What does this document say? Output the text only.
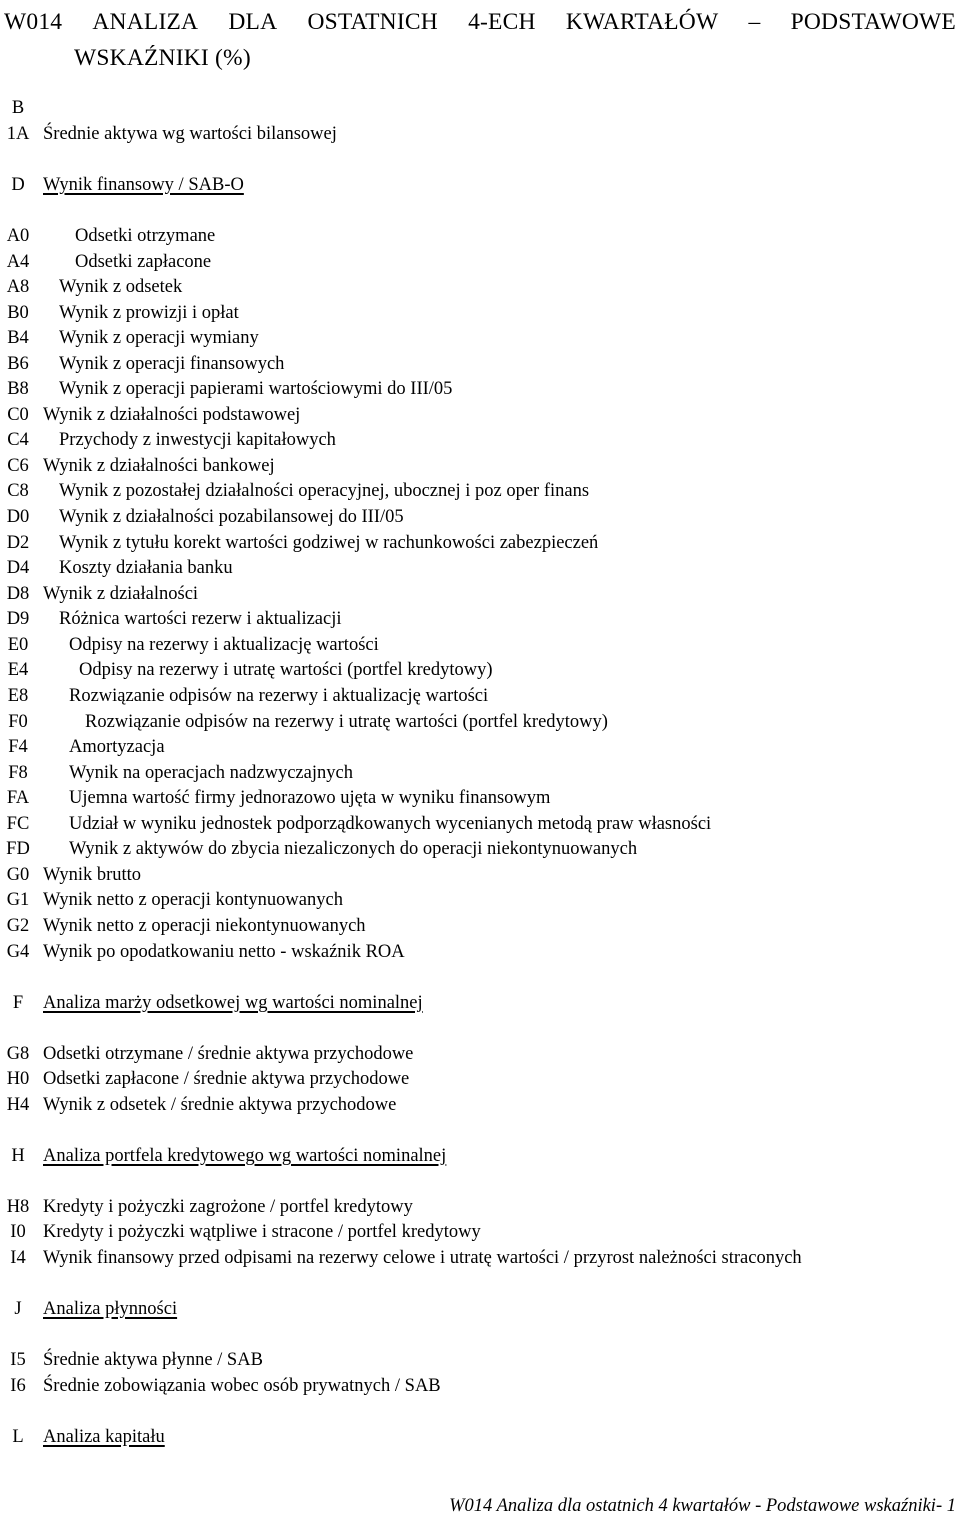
W014 ANALIZA DLA OSTATNICH 4-ECH KWARTAŁÓW – PODSTAWOWE
WSKAŹNIKI (%)
B
1A Średnie aktywa wg wartości bilansowej
D Wynik finansowy / SAB-O
A0	Odsetki otrzymane
A4	Odsetki zapłacone
A8	Wynik z odsetek
B0	Wynik z prowizji i opłat
B4	Wynik z operacji wymiany
B6	Wynik z operacji finansowych
B8	Wynik z operacji papierami wartościowymi do III/05
C0 Wynik z działalności podstawowej
C4	Przychody z inwestycji kapitałowych
C6 Wynik z działalności bankowej
C8	Wynik z pozostałej działalności operacyjnej, ubocznej i poz oper finans
D0	Wynik z działalności pozabilansowej do III/05
D2	Wynik z tytułu korekt wartości godziwej w rachunkowości zabezpieczeń
D4	Koszty działania banku
D8 Wynik z działalności
D9	Różnica wartości rezerw i aktualizacji
E0	Odpisy na rezerwy i aktualizację wartości
E4	Odpisy na rezerwy i utratę wartości (portfel kredytowy)
E8	Rozwiązanie odpisów na rezerwy i aktualizację wartości
F0	Rozwiązanie odpisów na rezerwy i utratę wartości (portfel kredytowy)
F4	Amortyzacja
F8	Wynik na operacjach nadzwyczajnych
FA	Ujemna wartość firmy jednorazowo ujęta w wyniku finansowym
FC	Udział w wyniku jednostek podporządkowanych wycenianych metodą praw własności
FD	Wynik z aktywów do zbycia niezaliczonych do operacji niekontynuowanych
G0 Wynik brutto
G1 Wynik netto z operacji kontynuowanych
G2 Wynik netto z operacji niekontynuowanych
G4 Wynik po opodatkowaniu netto - wskaźnik ROA
F	Analiza marży odsetkowej wg wartości nominalnej
G8 Odsetki otrzymane / średnie aktywa przychodowe
H0 Odsetki zapłacone / średnie aktywa przychodowe
H4 Wynik z odsetek / średnie aktywa przychodowe
H Analiza portfela kredytowego wg wartości nominalnej
H8 Kredyty i pożyczki zagrożone / portfel kredytowy
I0 Kredyty i pożyczki wątpliwe i stracone / portfel kredytowy
I4 Wynik finansowy przed odpisami na rezerwy celowe i utratę wartości / przyrost należności straconych
J	Analiza płynności
I5 Średnie aktywa płynne / SAB
I6 Średnie zobowiązania wobec osób prywatnych / SAB
L	Analiza kapitału
W014 Analiza dla ostatnich 4 kwartałów - Podstawowe wskaźniki- 1
